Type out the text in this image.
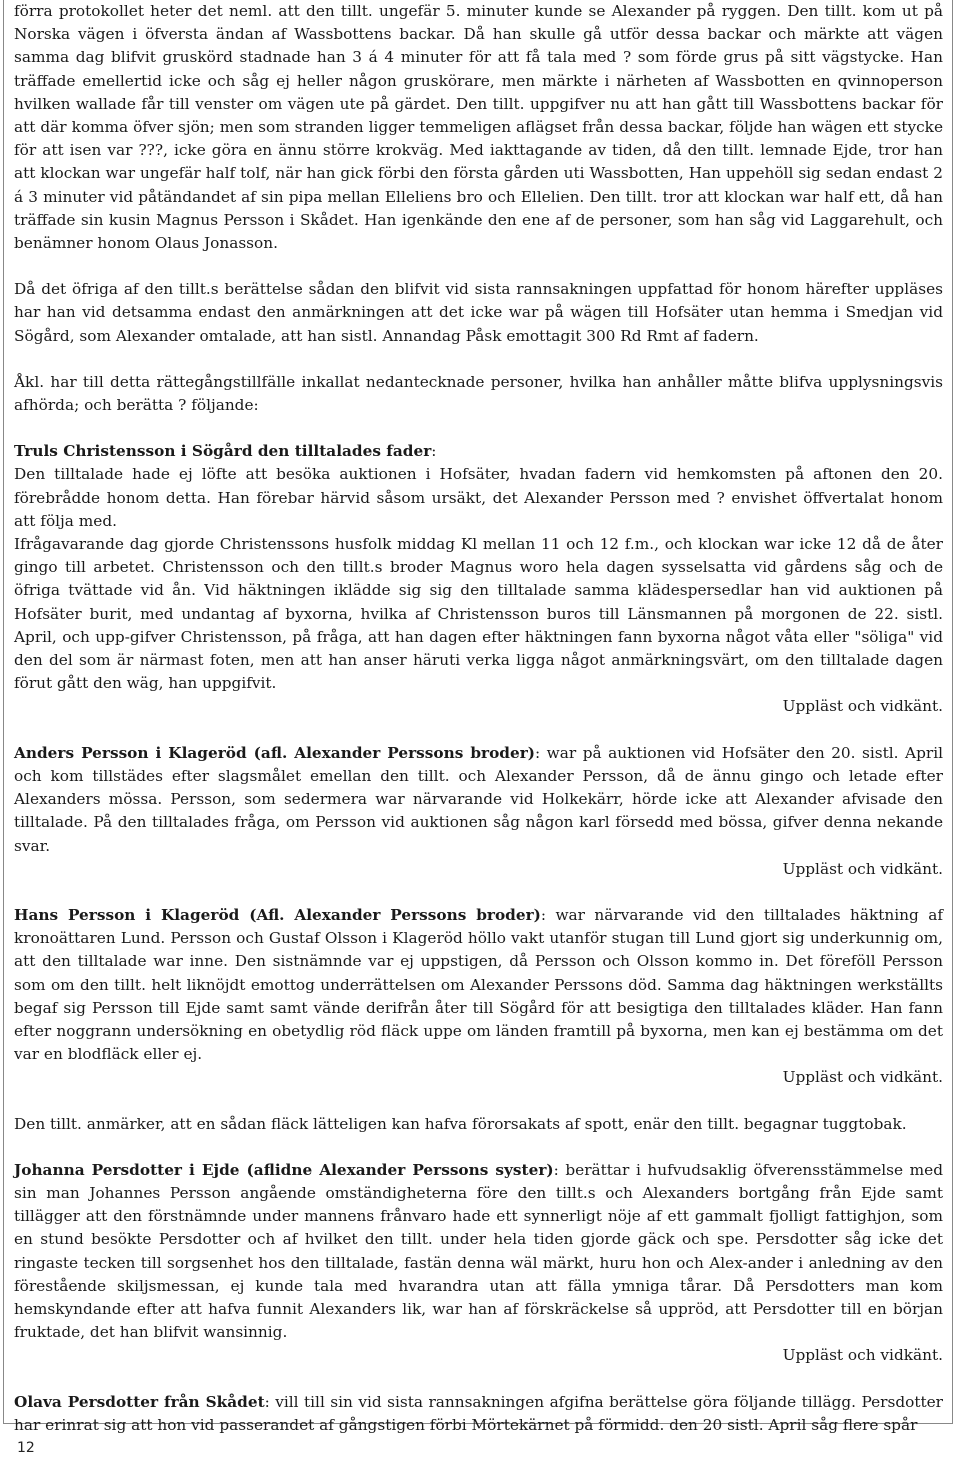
förra protokollet heter det neml. att den tillt. ungefär 5. minuter kunde se Alexander på ryggen. Den tillt. kom ut på Norska vägen i öfversta ändan af Wassbottens backar. Då han skulle gå utför dessa backar och märkte att vägen samma dag blifvit gruskörd stadnade han 3 á 4 minuter för att få tala med ? som förde grus på sitt vägstycke. Han träffade emellertid icke och såg ej heller någon gruskörare, men märkte i närheten af Wassbotten en qvinnoperson hvilken wallade får till venster om vägen ute på gärdet. Den tillt. uppgifver nu att han gått till Wassbottens backar för att där komma öfver sjön; men som stranden ligger temmeligen aflägset från dessa backar, följde han wägen ett stycke för att isen var ???, icke göra en ännu större krokväg. Med iakttagande av tiden, då den tillt. lemnade Ejde, tror han att klockan war ungefär half tolf, när han gick förbi den första gården uti Wassbotten, Han uppehöll sig sedan endast 2 á 3 minuter vid påtändandet af sin pipa mellan Elleliens bro och Ellelien. Den tillt. tror att klockan war half ett, då han träffade sin kusin Magnus Persson i Skådet. Han igenkände den ene af de personer, som han såg vid Laggarehult, och benämner honom Olaus Jonasson.

Då det öfriga af den tillt.s berättelse sådan den blifvit vid sista rannsakningen uppfattad för honom härefter uppläses har han vid detsamma endast den anmärkningen att det icke war på wägen till Hofsäter utan hemma i Smedjan vid Sögård, som Alexander omtalade, att han sistl. Annandag Påsk emottagit 300 Rd Rmt af fadern.

Åkl. har till detta rättegångstillfälle inkallat nedantecknade personer, hvilka han anhåller måtte blifva upplysningsvis afhörda; och berätta ? följande:

Truls Christensson i Sögård den tilltalades fader:

Den tilltalade hade ej löfte att besöka auktionen i Hofsäter, hvadan fadern vid hemkomsten på aftonen den 20. förebrådde honom detta. Han förebar härvid såsom ursäkt, det Alexander Persson med ? envishet öffvertalat honom att följa med.

Ifrågavarande dag gjorde Christenssons husfolk middag Kl mellan 11 och 12 f.m., och klockan war icke 12 då de åter gingo till arbetet. Christensson och den tillt.s broder Magnus woro hela dagen sysselsatta vid gårdens såg och de öfriga tvättade vid ån. Vid häktningen ikläddе sig sig den tilltalade samma klädespersedlar han vid auktionen på Hofsäter burit, med undantag af byxorna, hvilka af Christensson buros till Länsmannen på morgonen de 22. sistl. April, och upp-gifver Christensson, på fråga, att han dagen efter häktningen fann byxorna något våta eller "söliga" vid den del som är närmast foten, men att han anser häruti verka ligga något anmärkningsvärt, om den tilltalade dagen förut gått den wäg, han uppgifvit.

Uppläst och vidkänt.

Anders Persson i Klageröd (afl. Alexander Perssons broder): war på auktionen vid Hofsäter den 20. sistl. April och kom tillstädes efter slagsmålet emellan den tillt. och Alexander Persson, då de ännu gingo och letade efter Alexanders mössa. Persson, som sedermera war närvarande vid Holkekärr, hörde icke att Alexander afvisade den tilltalade. På den tilltalades fråga, om Persson vid auktionen såg någon karl försedd med bössa, gifver denna nekande svar.

Uppläst och vidkänt.

Hans Persson i Klageröd (Afl. Alexander Perssons broder): war närvarande vid den tilltalades häktning af kronoättaren Lund. Persson och Gustaf Olsson i Klageröd höllo vakt utanför stugan till Lund gjort sig underkunnig om, att den tilltalade war inne. Den sistnämnde var ej uppstigen, då Persson och Olsson kommo in. Det föreföll Persson som om den tillt. helt liknöjdt emottog underrättelsen om Alexander Perssons död. Samma dag häktningen werkställts begaf sig Persson till Ejde samt samt vände derifrån åter till Sögård för att besigtiga den tilltalades kläder. Han fann efter noggrann undersökning en obetydlig röd fläck uppe om länden framtill på byxorna, men kan ej bestämma om det var en blodfläck eller ej.

Uppläst och vidkänt.

Den tillt. anmärker, att en sådan fläck lätteligen kan hafva förorsakats af spott, enär den tillt. begagnar tuggtobak.

Johanna Persdotter i Ejde (aflidne Alexander Perssons syster): berättar i hufvudsaklig öfverensstämmelse med sin man Johannes Persson angående omständigheterna före den tillt.s och Alexanders bortgång från Ejde samt tillägger att den förstnämnde under mannens frånvaro hade ett synnerligt nöje af ett gammalt fjolligt fattighjon, som en stund besökte Persdotter och af hvilket den tillt. under hela tiden gjorde gäck och spe. Persdotter såg icke det ringaste tecken till sorgsenhet hos den tilltalade, fastän denna wäl märkt, huru hon och Alex-ander i anledning av den förestående skiljsmessan, ej kunde tala med hvarandra utan att fälla ymniga tårar. Då Persdotters man kom hemskyndande efter att hafva funnit Alexanders lik, war han af förskräckelse så uppröd, att Persdotter till en början fruktade, det han blifvit wansinnig.

Uppläst och vidkänt.

Olava Persdotter från Skådet: vill till sin vid sista rannsakningen afgifna berättelse göra följande tillägg. Persdotter har erinrat sig att hon vid passerandet af gångstigen förbi Mörtekärnet på förmidd. den 20 sistl. April såg flere spår

12
